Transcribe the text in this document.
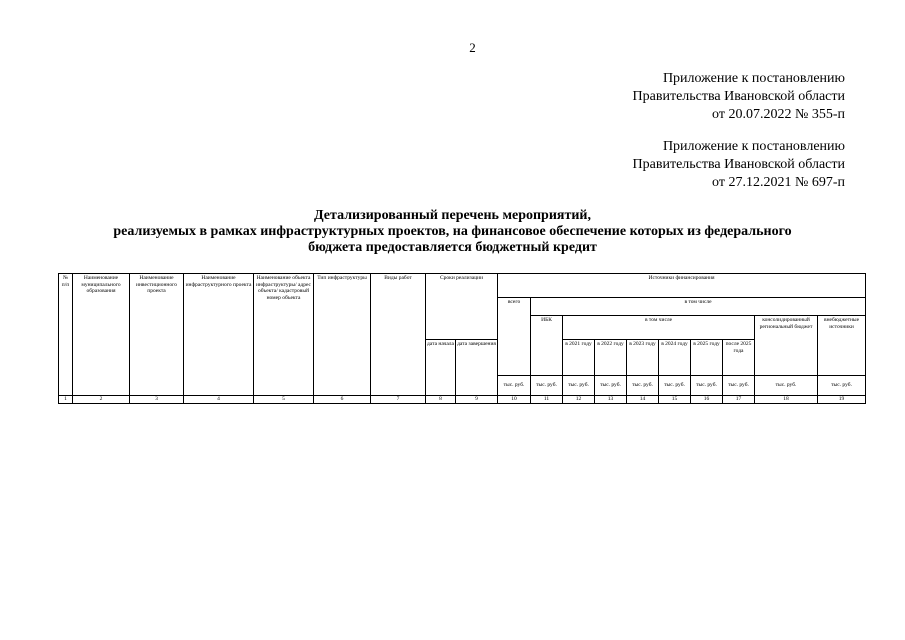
2
Приложение к постановлению
Правительства Ивановской области
от 20.07.2022 № 355-п
Приложение к постановлению
Правительства Ивановской области
от 27.12.2021 № 697-п
Детализированный перечень мероприятий,
реализуемых в рамках инфраструктурных проектов, на финансовое обеспечение которых из федерального
бюджета предоставляется бюджетный кредит
№ п/п	Наименование муниципального образования	Наименование инвестиционного проекта	Наименование инфраструктурного проекта	Наименование объекта инфраструктуры/ адрес объекта/ кадастровый номер объекта	Тип инфраструктуры	Виды работ	Сроки реализации		Источники финансирования									
									всего	в том числе								
										ИБК	в том числе						консолидированный региональный бюджет	внебюджетные источники
							дата начала	дата завершения			в 2021 году	в 2022 году	в 2023 году	в 2024 году	в 2025 году	после 2025 года		
									тыс. руб.	тыс. руб.	тыс. руб.	тыс. руб.	тыс. руб.	тыс. руб.	тыс. руб.	тыс. руб.	тыс. руб.	тыс. руб.
1	2	3	4	5	6	7	8	9	10	11	12	13	14	15	16	17	18	19
